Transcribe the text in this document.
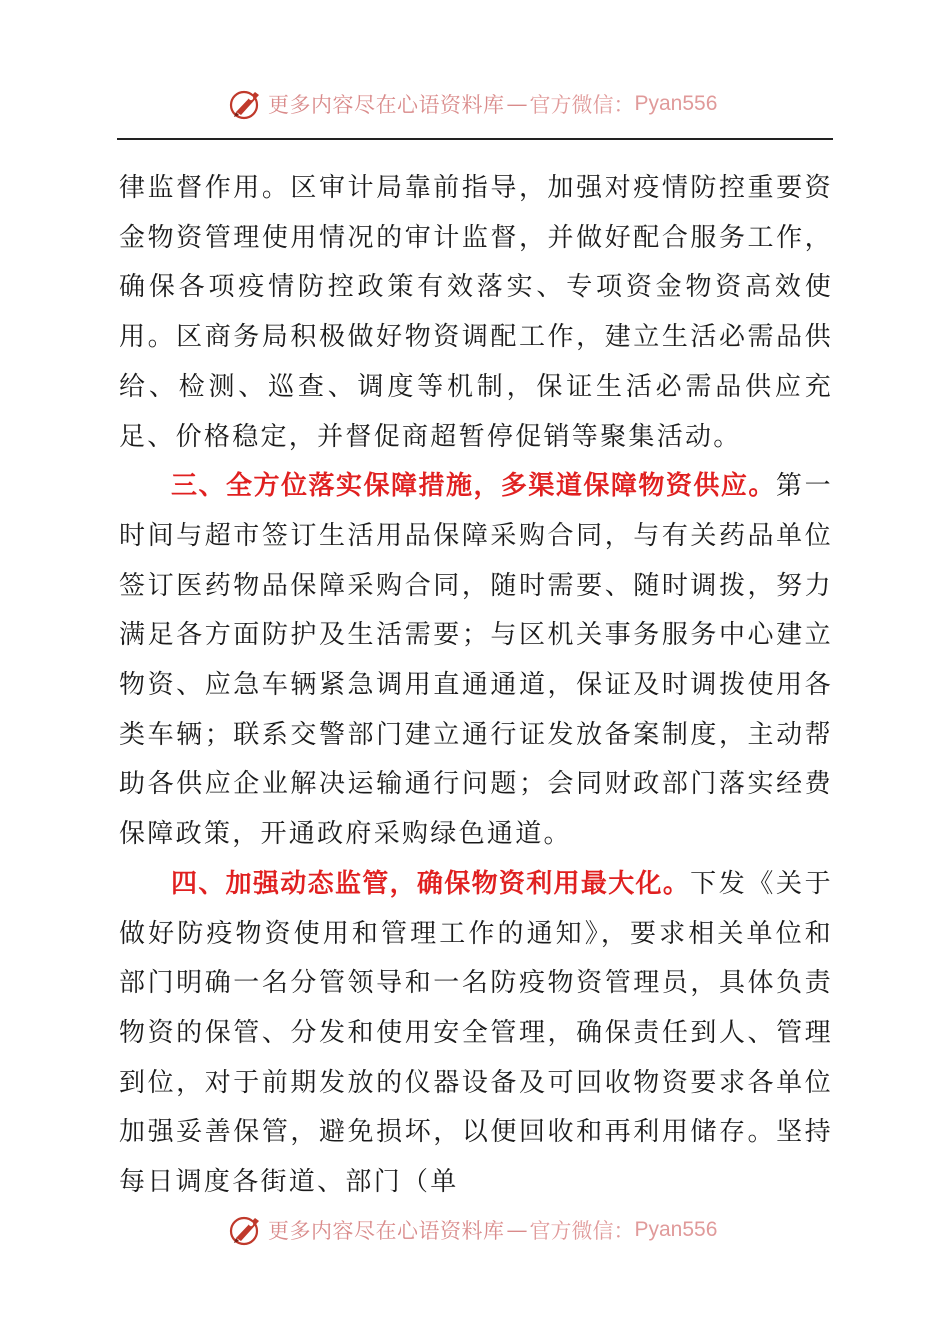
更多内容尽在心语资料库 — 官方微信： Pyan556

律监督作用。区审计局靠前指导，加强对疫情防控重要资金物资管理使用情况的审计监督，并做好配合服务工作，确保各项疫情防控政策有效落实、专项资金物资高效使用。区商务局积极做好物资调配工作，建立生活必需品供给、检测、巡查、调度等机制，保证生活必需品供应充足、价格稳定，并督促商超暂停促销等聚集活动。

三、全方位落实保障措施，多渠道保障物资供应。第一时间与超市签订生活用品保障采购合同，与有关药品单位签订医药物品保障采购合同，随时需要、随时调拨，努力满足各方面防护及生活需要；与区机关事务服务中心建立物资、应急车辆紧急调用直通通道，保证及时调拨使用各类车辆；联系交警部门建立通行证发放备案制度，主动帮助各供应企业解决运输通行问题；会同财政部门落实经费保障政策，开通政府采购绿色通道。

四、加强动态监管，确保物资利用最大化。下发《关于做好防疫物资使用和管理工作的通知》，要求相关单位和部门明确一名分管领导和一名防疫物资管理员，具体负责物资的保管、分发和使用安全管理，确保责任到人、管理到位，对于前期发放的仪器设备及可回收物资要求各单位加强妥善保管，避免损坏，以便回收和再利用储存。坚持每日调度各街道、部门（单

更多内容尽在心语资料库 — 官方微信： Pyan556
